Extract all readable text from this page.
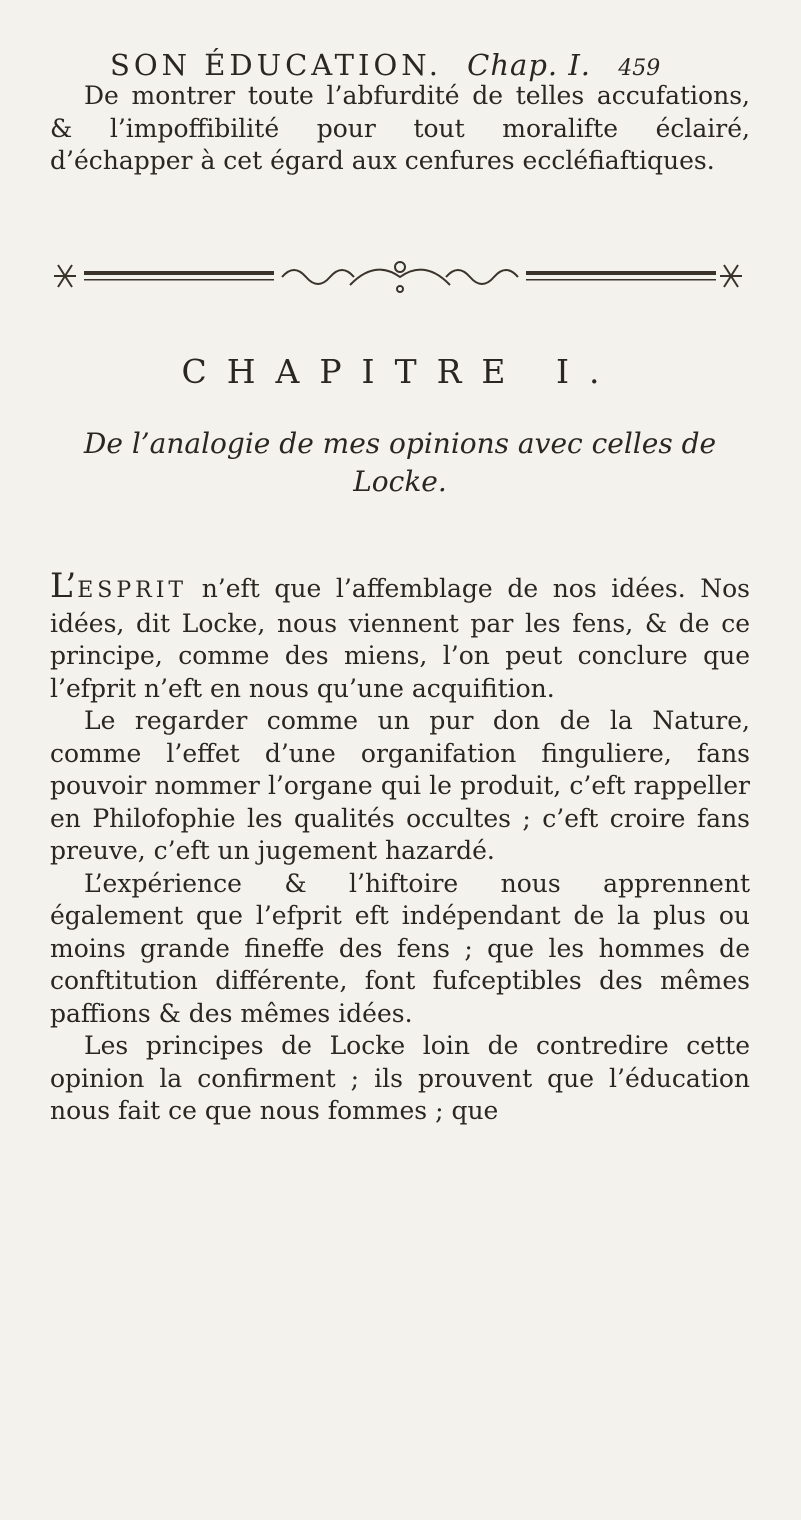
SON ÉDUCATION. Chap. I. 459

De montrer toute l’abfurdité de telles accufations, & l’impoffibilité pour tout moralifte éclairé, d’échapper à cet égard aux cenfures eccléfiaftiques.

CHAPITRE I.
De l’analogie de mes opinions avec celles de Locke.

L’ESPRIT n’eft que l’affemblage de nos idées. Nos idées, dit Locke, nous viennent par les fens, & de ce principe, comme des miens, l’on peut conclure que l’efprit n’eft en nous qu’une acquifition.

Le regarder comme un pur don de la Nature, comme l’effet d’une organifation finguliere, fans pouvoir nommer l’organe qui le produit, c’eft rappeller en Philofophie les qualités occultes ; c’eft croire fans preuve, c’eft un jugement hazardé.

L’expérience & l’hiftoire nous apprennent également que l’efprit eft indépendant de la plus ou moins grande fineffe des fens ; que les hommes de conftitution différente, font fufceptibles des mêmes paffions & des mêmes idées.

Les principes de Locke loin de contredire cette opinion la confirment ; ils prouvent que l’éducation nous fait ce que nous fommes ; que
